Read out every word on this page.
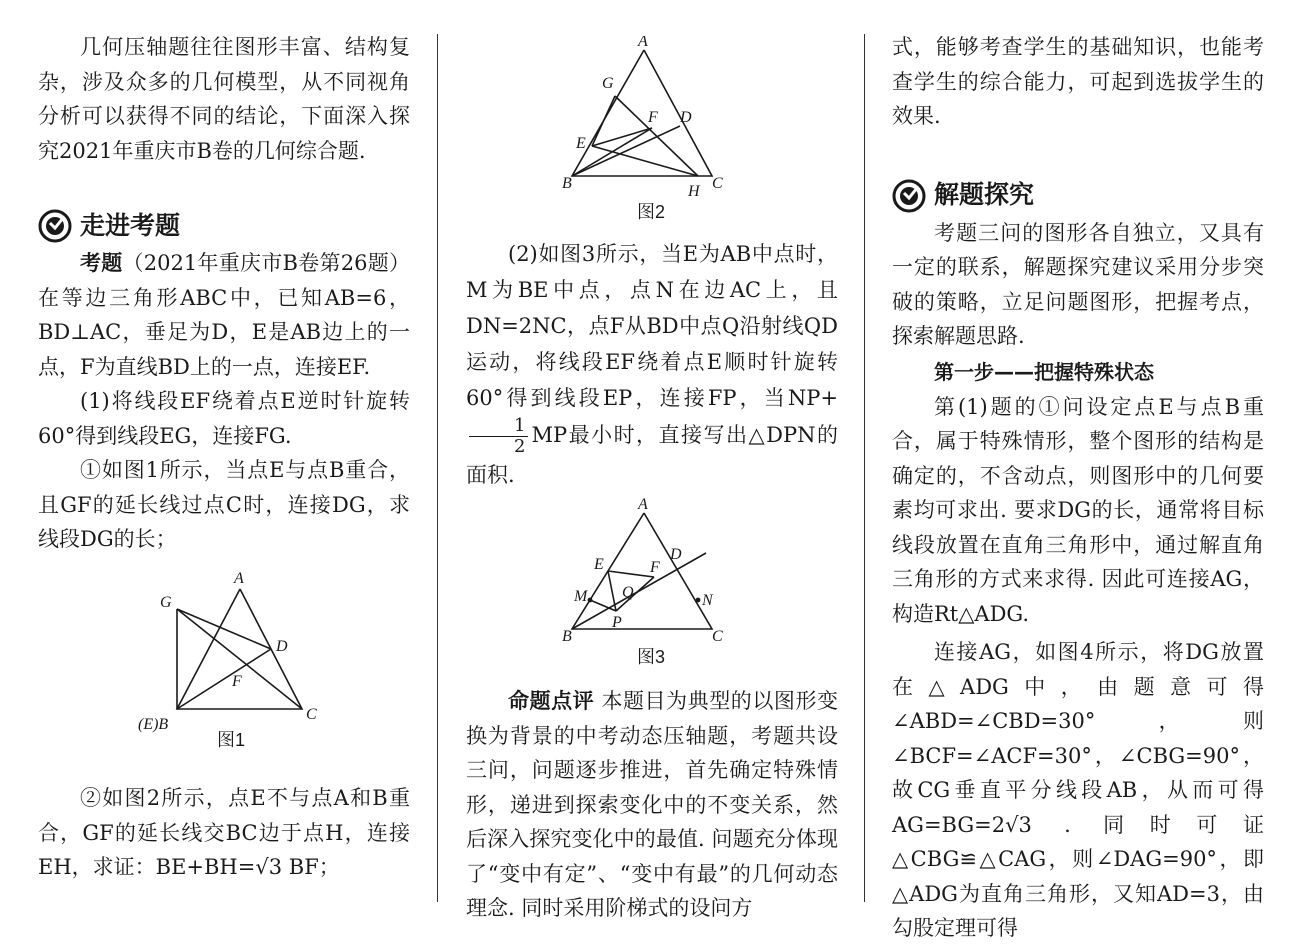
几何压轴题往往图形丰富、结构复杂，涉及众多的几何模型，从不同视角分析可以获得不同的结论，下面深入探究2021年重庆市B卷的几何综合题.

走进考题

考题（2021年重庆市B卷第26题）在等边三角形ABC中，已知AB=6，BD⊥AC，垂足为D，E是AB边上的一点，F为直线BD上的一点，连接EF.

(1)将线段EF绕着点E逆时针旋转60°得到线段EG，连接FG.

①如图1所示，当点E与点B重合，且GF的延长线过点C时，连接DG，求线段DG的长；

A
G
D
F
(E)B
C
图1

②如图2所示，点E不与点A和B重合，GF的延长线交BC边于点H，连接EH，求证：BE+BH=√3 BF；

A
G
F D
E
B	H C
图2

(2)如图3所示，当E为AB中点时，M为BE中点，点N在边AC上，且DN=2NC，点F从BD中点Q沿射线QD运动，将线段EF绕着点E顺时针旋转60°得到线段EP，连接FP，当NP+
$\frac{1}{2}$ MP最小时，直接写出△DPN的面积.

A
E	F
D
M Q	N
P
B	C
图3

命题点评 本题目为典型的以图形变换为背景的中考动态压轴题，考题共设三问，问题逐步推进，首先确定特殊情形，递进到探索变化中的不变关系，然后深入探究变化中的最值. 问题充分体现了“变中有定”、“变中有最”的几何动态理念. 同时采用阶梯式的设问方

式，能够考查学生的基础知识，也能考查学生的综合能力，可起到选拔学生的效果.

解题探究

考题三问的图形各自独立，又具有一定的联系，解题探究建议采用分步突破的策略，立足问题图形，把握考点，探索解题思路.

第一步——把握特殊状态

第(1)题的①问设定点E与点B重合，属于特殊情形，整个图形的结构是确定的，不含动点，则图形中的几何要素均可求出. 要求DG的长，通常将目标线段放置在直角三角形中，通过解直角三角形的方式来求得. 因此可连接AG，构造Rt△ADG.

连接AG，如图4所示，将DG放置在△ADG中，由题意可得∠ABD=∠CBD=30°，则∠BCF=∠ACF=30°，∠CBG=90°，故CG垂直平分线段AB，从而可得AG=BG=2√3 . 同时可证△CBG≌△CAG，则∠DAG=90°，即△ADG为直角三角形，又知AD=3，由勾股定理可得
